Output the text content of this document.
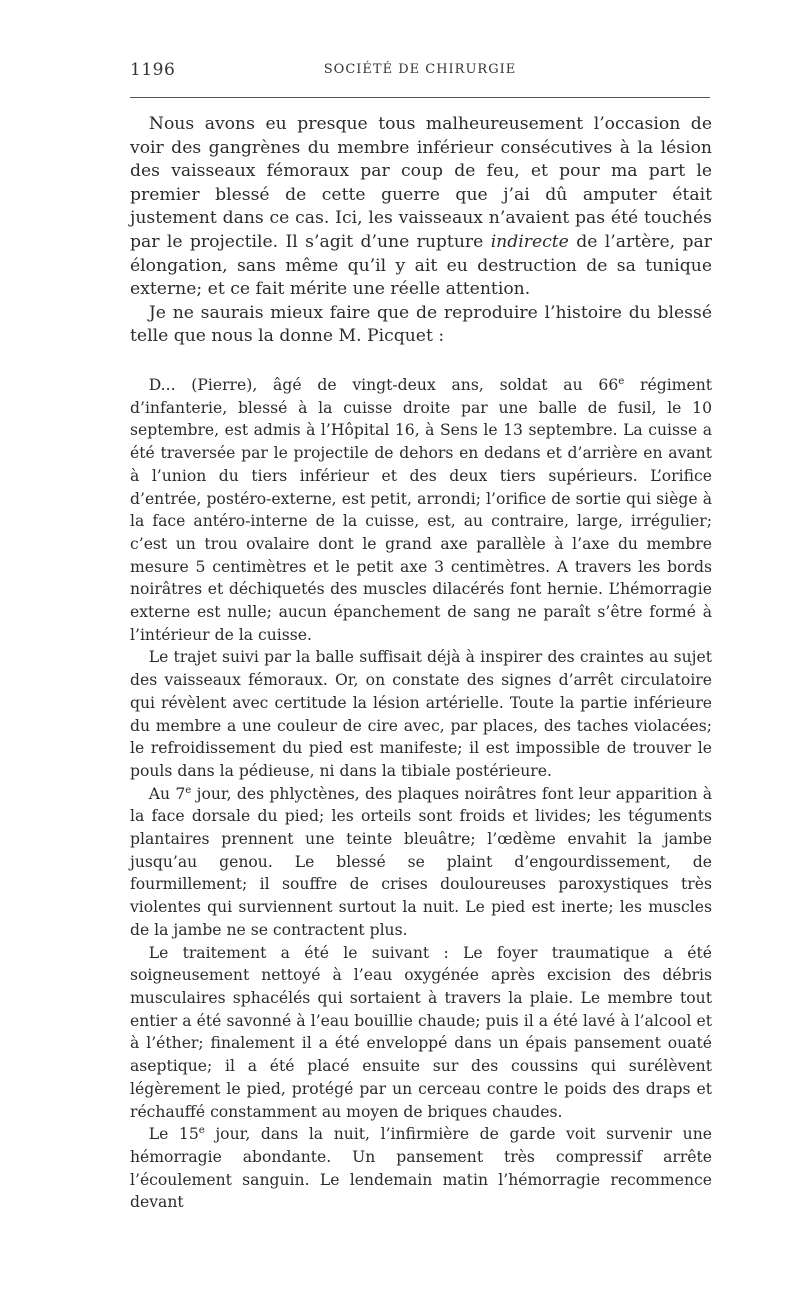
1196	SOCIÉTÉ DE CHIRURGIE

Nous avons eu presque tous malheureusement l’occasion de voir des gangrènes du membre inférieur consécutives à la lésion des vaisseaux fémoraux par coup de feu, et pour ma part le premier blessé de cette guerre que j’ai dû amputer était justement dans ce cas. Ici, les vaisseaux n’avaient pas été touchés par le projectile. Il s’agit d’une rupture indirecte de l’artère, par élongation, sans même qu’il y ait eu destruction de sa tunique externe; et ce fait mérite une réelle attention.

Je ne saurais mieux faire que de reproduire l’histoire du blessé telle que nous la donne M. Picquet :

D... (Pierre), âgé de vingt-deux ans, soldat au 66e régiment d’infanterie, blessé à la cuisse droite par une balle de fusil, le 10 septembre, est admis à l’Hôpital 16, à Sens le 13 septembre. La cuisse a été traversée par le projectile de dehors en dedans et d’arrière en avant à l’union du tiers inférieur et des deux tiers supérieurs. L’orifice d’entrée, postéro-externe, est petit, arrondi; l’orifice de sortie qui siège à la face antéro-interne de la cuisse, est, au contraire, large, irrégulier; c’est un trou ovalaire dont le grand axe parallèle à l’axe du membre mesure 5 centimètres et le petit axe 3 centimètres. A travers les bords noirâtres et déchiquetés des muscles dilacérés font hernie. L’hémorragie externe est nulle; aucun épanchement de sang ne paraît s’être formé à l’intérieur de la cuisse.

Le trajet suivi par la balle suffisait déjà à inspirer des craintes au sujet des vaisseaux fémoraux. Or, on constate des signes d’arrêt circulatoire qui révèlent avec certitude la lésion artérielle. Toute la partie inférieure du membre a une couleur de cire avec, par places, des taches violacées; le refroidissement du pied est manifeste; il est impossible de trouver le pouls dans la pédieuse, ni dans la tibiale postérieure.

Au 7e jour, des phlyctènes, des plaques noirâtres font leur apparition à la face dorsale du pied; les orteils sont froids et livides; les téguments plantaires prennent une teinte bleuâtre; l’œdème envahit la jambe jusqu’au genou. Le blessé se plaint d’engourdissement, de fourmillement; il souffre de crises douloureuses paroxystiques très violentes qui surviennent surtout la nuit. Le pied est inerte; les muscles de la jambe ne se contractent plus.

Le traitement a été le suivant : Le foyer traumatique a été soigneusement nettoyé à l’eau oxygénée après excision des débris musculaires sphacélés qui sortaient à travers la plaie. Le membre tout entier a été savonné à l’eau bouillie chaude; puis il a été lavé à l’alcool et à l’éther; finalement il a été enveloppé dans un épais pansement ouaté aseptique; il a été placé ensuite sur des coussins qui surélèvent légèrement le pied, protégé par un cerceau contre le poids des draps et réchauffé constamment au moyen de briques chaudes.

Le 15e jour, dans la nuit, l’infirmière de garde voit survenir une hémorragie abondante. Un pansement très compressif arrête l’écoulement sanguin. Le lendemain matin l’hémorragie recommence devant
